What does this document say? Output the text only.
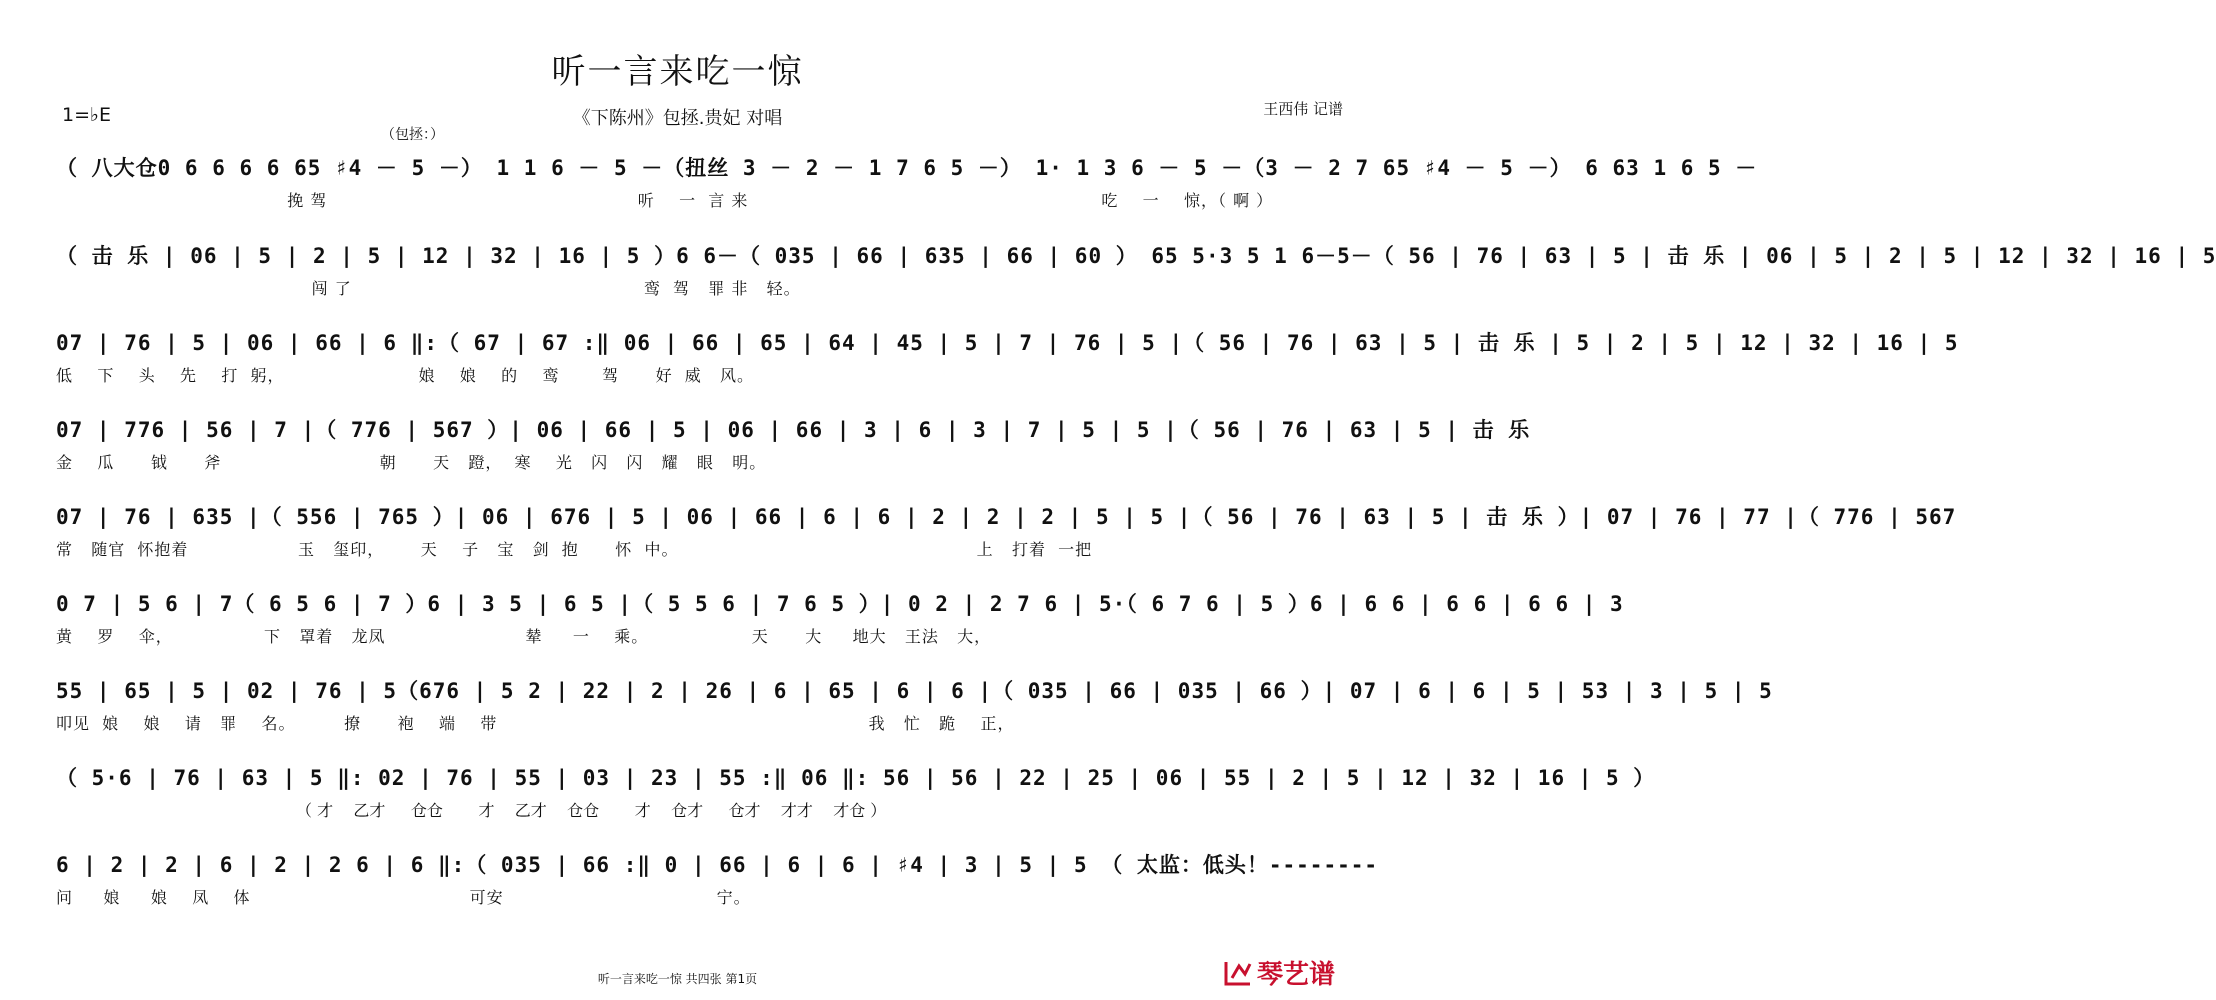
听一言来吃一惊
1=♭E	《下陈州》包拯.贵妃 对唱	王西伟 记谱
（包拯：）
（ 八大仓0 6 6 6 6 65 ♯4 － 5 －） 1 1 6 － 5 －（扭丝 3 － 2 － 1 7 6 5 －） 1· 1 3 6 － 5 －（3 － 2 7 65 ♯4 － 5 －） 6 63 1 6 5 －
挽 驾                                                   听    一  言 来                                                          吃    一    惊，（ 啊 ）
（ 击 乐 | 06 | 5 | 2 | 5 | 12 | 32 | 16 | 5 ）6 6－（ 035 | 66 | 635 | 66 | 60 ） 65 5·3 5 1 6－5－（ 56 | 76 | 63 | 5 | 击 乐 | 06 | 5 | 2 | 5 | 12 | 32 | 16 | 5
闯 了                                                鸾  驾   罪 非   轻。
07 | 76 | 5 | 06 | 66 | 6 ‖:（ 67 | 67 :‖ 06 | 66 | 65 | 64 | 45 | 5 | 7 | 76 | 5 |（ 56 | 76 | 63 | 5 | 击 乐 | 5 | 2 | 5 | 12 | 32 | 16 | 5
低    下    头    先    打  躬，                      娘    娘    的    鸾       驾      好  威   风。
07 | 776 | 56 | 7 |（ 776 | 567 ）| 06 | 66 | 5 | 06 | 66 | 3 | 6 | 3 | 7 | 5 | 5 |（ 56 | 76 | 63 | 5 | 击 乐
金    瓜      钺      斧                          朝      天   蹬，  寒    光   闪   闪   耀   眼   明。
07 | 76 | 635 |（ 556 | 765 ）| 06 | 676 | 5 | 06 | 66 | 6 | 6 | 2 | 2 | 2 | 5 | 5 |（ 56 | 76 | 63 | 5 | 击 乐 ）| 07 | 76 | 77 |（ 776 | 567
常   随官  怀抱着                  玉   玺印，      天    子   宝   剑  抱      怀  中。                                                 上   打着  一把
0 7 | 5 6 | 7（ 6 5 6 | 7 ）6 | 3 5 | 6 5 |（ 5 5 6 | 7 6 5 ）| 0 2 | 2 7 6 | 5·（ 6 7 6 | 5 ）6 | 6 6 | 6 6 | 6 6 | 3
黄    罗    伞，               下   罩着   龙凤                       辇     一    乘。                 天      大     地大   王法   大，
55 | 65 | 5 | 02 | 76 | 5（676 | 5 2 | 22 | 2 | 26 | 6 | 65 | 6 | 6 |（ 035 | 66 | 035 | 66 ）| 07 | 6 | 6 | 5 | 53 | 3 | 5 | 5
叩见  娘    娘    请   罪    名。        撩      袍    端    带                                                             我   忙   跪    正，
（ 5·6 | 76 | 63 | 5 ‖: 02 | 76 | 55 | 03 | 23 | 55 :‖ 06 ‖: 56 | 56 | 22 | 25 | 06 | 55 | 2 | 5 | 12 | 32 | 16 | 5 ）
（ 才    乙才     仓仓       才    乙才    仓仓       才    仓才     仓才    才才    才仓 ）
6 | 2 | 2 | 6 | 2 | 2 6 | 6 ‖:（ 035 | 66 :‖ 0 | 66 | 6 | 6 | ♯4 | 3 | 5 | 5 （ 太监：低头！--------
问     娘     娘    凤    体                                    可安                                   宁。
听一言来吃一惊 共四张 第1页	琴艺谱
